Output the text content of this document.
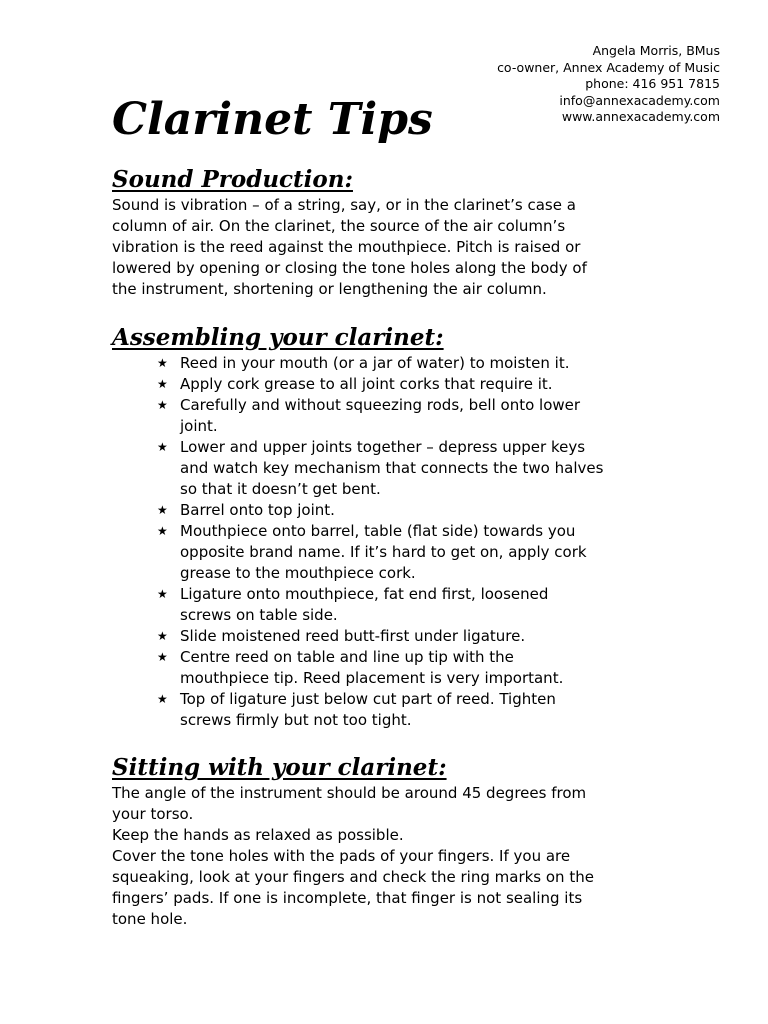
Angela Morris, BMus
co-owner, Annex Academy of Music
phone: 416 951 7815
info@annexacademy.com
www.annexacademy.com
Clarinet Tips
Sound Production:
Sound is vibration – of a string, say, or in the clarinet’s case a
column of air. On the clarinet, the source of the air column’s
vibration is the reed against the mouthpiece. Pitch is raised or
lowered by opening or closing the tone holes along the body of
the instrument, shortening or lengthening the air column.
Assembling your clarinet:
★ Reed in your mouth (or a jar of water) to moisten it.
★ Apply cork grease to all joint corks that require it.
★ Carefully and without squeezing rods, bell onto lower
joint.
★ Lower and upper joints together – depress upper keys
and watch key mechanism that connects the two halves
so that it doesn’t get bent.
★ Barrel onto top joint.
★ Mouthpiece onto barrel, table (flat side) towards you
opposite brand name. If it’s hard to get on, apply cork
grease to the mouthpiece cork.
★ Ligature onto mouthpiece, fat end first, loosened
screws on table side.
★ Slide moistened reed butt-first under ligature.
★ Centre reed on table and line up tip with the
mouthpiece tip. Reed placement is very important.
★ Top of ligature just below cut part of reed. Tighten
screws firmly but not too tight.
Sitting with your clarinet:
The angle of the instrument should be around 45 degrees from
your torso.
Keep the hands as relaxed as possible.
Cover the tone holes with the pads of your fingers. If you are
squeaking, look at your fingers and check the ring marks on the
fingers’ pads. If one is incomplete, that finger is not sealing its
tone hole.
